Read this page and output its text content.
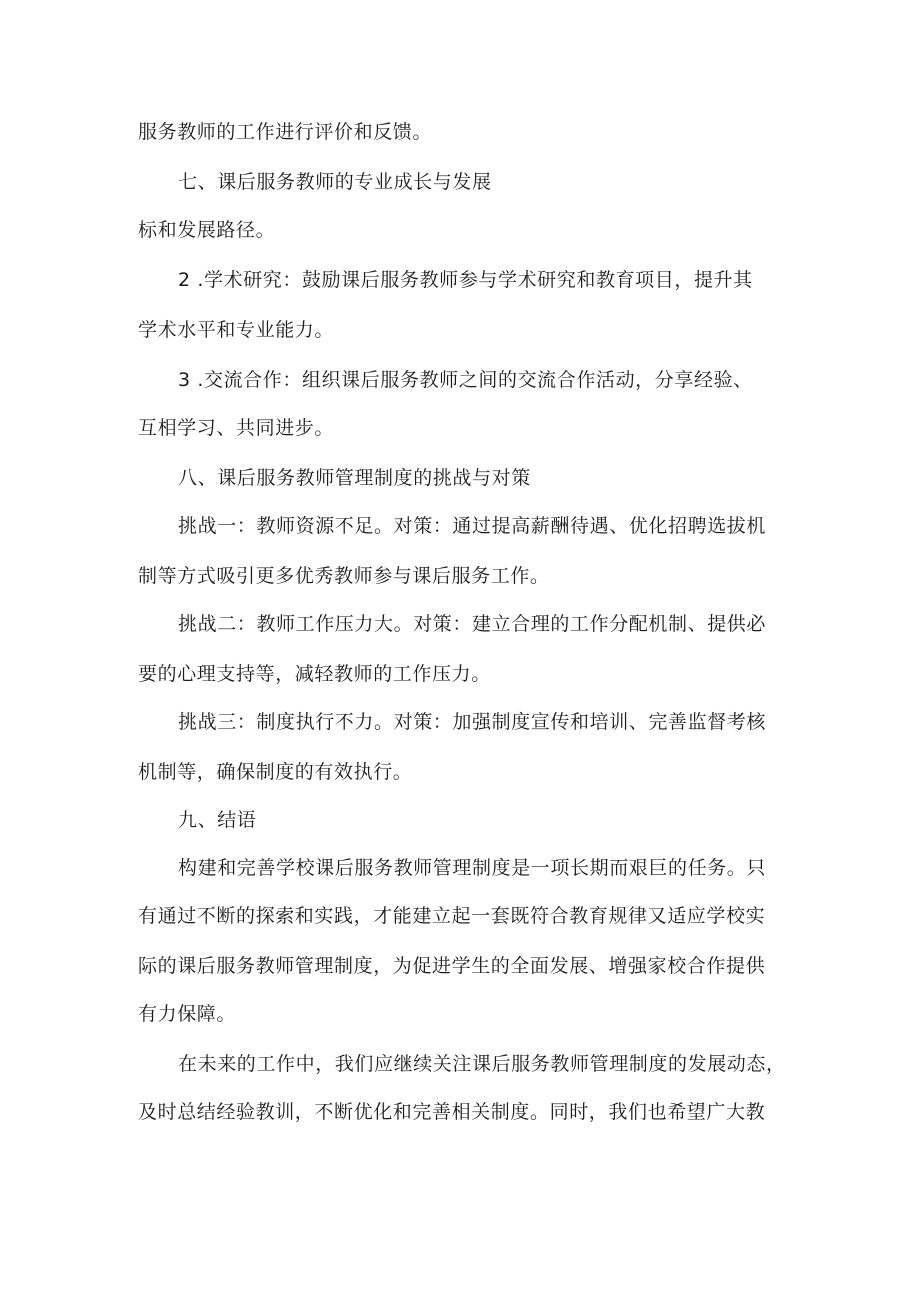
服务教师的工作进行评价和反馈。
七、课后服务教师的专业成长与发展
标和发展路径。
2 .学术研究：鼓励课后服务教师参与学术研究和教育项目，提升其
学术水平和专业能力。
3 .交流合作：组织课后服务教师之间的交流合作活动，分享经验、
互相学习、共同进步。
八、课后服务教师管理制度的挑战与对策
挑战一：教师资源不足。对策：通过提高薪酬待遇、优化招聘选拔机
制等方式吸引更多优秀教师参与课后服务工作。
挑战二：教师工作压力大。对策：建立合理的工作分配机制、提供必
要的心理支持等，减轻教师的工作压力。
挑战三：制度执行不力。对策：加强制度宣传和培训、完善监督考核
机制等，确保制度的有效执行。
九、结语
构建和完善学校课后服务教师管理制度是一项长期而艰巨的任务。只
有通过不断的探索和实践，才能建立起一套既符合教育规律又适应学校实
际的课后服务教师管理制度，为促进学生的全面发展、增强家校合作提供
有力保障。
在未来的工作中，我们应继续关注课后服务教师管理制度的发展动态，
及时总结经验教训，不断优化和完善相关制度。同时，我们也希望广大教
